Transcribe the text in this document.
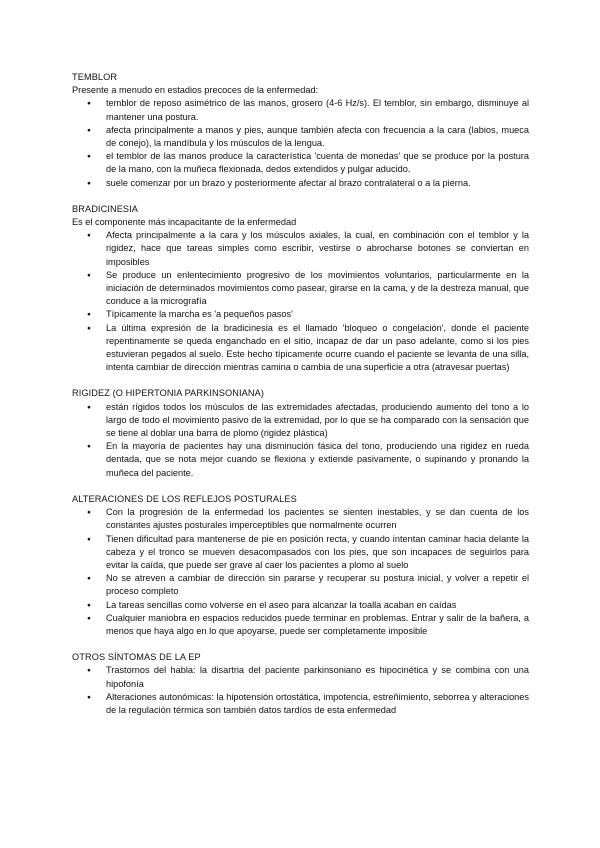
TEMBLOR
Presente a menudo en estadios precoces de la enfermedad:
● temblor de reposo asimétrico de las manos, grosero (4-6 Hz/s). El temblor, sin embargo, disminuye al mantener una postura.
● afecta principalmente a manos y pies, aunque también afecta con frecuencia a la cara (labios, mueca de conejo), la mandíbula y los músculos de la lengua.
● el temblor de las manos produce la característica 'cuenta de monedas' que se produce por la postura de la mano, con la muñeca flexionada, dedos extendidos y pulgar aducido.
● suele comenzar por un brazo y posteriormente afectar al brazo contralateral o a la pierna.
BRADICINESIA
Es el componente más incapacitante de la enfermedad
● Afecta principalmente a la cara y los músculos axiales, la cual, en combinación con el temblor y la rigidez, hace que tareas simples como escribir, vestirse o abrocharse botones se conviertan en imposibles
● Se produce un enlentecimiento progresivo de los movimientos voluntarios, particularmente en la iniciación de determinados movimientos como pasear, girarse en la cama, y de la destreza manual, que conduce a la micrografía
● Típicamente la marcha es 'a pequeños pasos'
● La última expresión de la bradicinesia es el llamado 'bloqueo o congelación', donde el paciente repentinamente se queda enganchado en el sitio, incapaz de dar un paso adelante, como si los pies estuvieran pegados al suelo. Este hecho típicamente ocurre cuando el paciente se levanta de una silla, intenta cambiar de dirección mientras camina o cambia de una superficie a otra (atravesar puertas)
RIGIDEZ (O HIPERTONIA PARKINSONIANA)
● están rígidos todos los músculos de las extremidades afectadas, produciendo aumento del tono a lo largo de todo el movimiento pasivo de la extremidad, por lo que se ha comparado con la sensación que se tiene al doblar una barra de plomo (rigidez plástica)
● En la mayoría de pacientes hay una disminución fásica del tono, produciendo una rigidez en rueda dentada, que se nota mejor cuando se flexiona y extiende pasivamente, o supinando y pronando la muñeca del paciente.
ALTERACIONES DE LOS REFLEJOS POSTURALES
● Con la progresión de la enfermedad los pacientes se sienten inestables, y se dan cuenta de los constantes ajustes posturales imperceptibles que normalmente ocurren
● Tienen dificultad para mantenerse de pie en posición recta, y cuando intentan caminar hacia delante la cabeza y el tronco se mueven desacompasados con los pies, que son incapaces de seguirlos para evitar la caída, que puede ser grave al caer los pacientes a plomo al suelo
● No se atreven a cambiar de dirección sin pararse y recuperar su postura inicial, y volver a repetir el proceso completo
● La tareas sencillas como volverse en el aseo para alcanzar la toalla acaban en caídas
● Cualquier maniobra en espacios reducidos puede terminar en problemas. Entrar y salir de la bañera, a menos que haya algo en lo que apoyarse, puede ser completamente imposible
OTROS SÍNTOMAS DE LA EP
● Trastornos del habla: la disartria del paciente parkinsoniano es hipocinética y se combina con una hipofonía
● Alteraciones autonómicas: la hipotensión ortostática, impotencia, estreñimiento, seborrea y alteraciones de la regulación térmica son también datos tardíos de esta enfermedad
